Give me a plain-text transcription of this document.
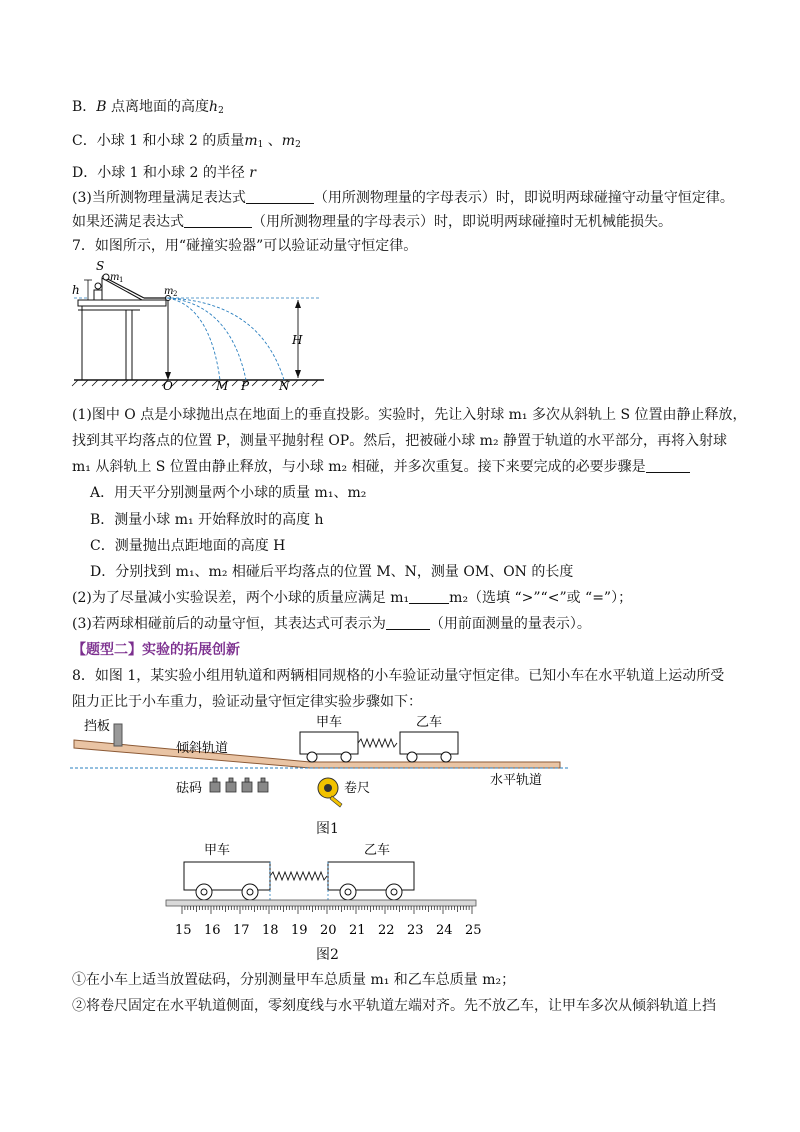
B．B 点离地面的高度$h_2$
C．小球 1 和小球 2 的质量$m_1$ 、$m_2$
D．小球 1 和小球 2 的半径 r
(3)当所测物理量满足表达式	（用所测物理量的字母表示）时，即说明两球碰撞守动量守恒定律。
如果还满足表达式	（用所测物理量的字母表示）时，即说明两球碰撞时无机械能损失。
7．如图所示，用“碰撞实验器”可以验证动量守恒定律。
S
m 1
h	m 2
H
O	M P N
(1)图中 O 点是小球抛出点在地面上的垂直投影。实验时，先让入射球 m₁ 多次从斜轨上 S 位置由静止释放，
找到其平均落点的位置 P，测量平抛射程 OP。然后，把被碰小球 m₂ 静置于轨道的水平部分，再将入射球
m₁ 从斜轨上 S 位置由静止释放，与小球 m₂ 相碰，并多次重复。接下来要完成的必要步骤是
A．用天平分别测量两个小球的质量 m₁、m₂
B．测量小球 m₁ 开始释放时的高度 h
C．测量抛出点距地面的高度 H
D．分别找到 m₁、m₂ 相碰后平均落点的位置 M、N，测量 OM、ON 的长度
(2)为了尽量减小实验误差，两个小球的质量应满足 m₁	m₂（选填 “>”“<”或 “=”）；
(3)若两球相碰前后的动量守恒，其表达式可表示为	（用前面测量的量表示）。
【题型二】实验的拓展创新
8．如图 1，某实验小组用轨道和两辆相同规格的小车验证动量守恒定律。已知小车在水平轨道上运动所受
阻力正比于小车重力，验证动量守恒定律实验步骤如下：
挡板
倾斜轨道
甲车	乙车
水平轨道
砝码	卷尺
图1
甲车	乙车
15 16 17 18 19 20 21 22 23 24 25
图2
①在小车上适当放置砝码，分别测量甲车总质量 m₁ 和乙车总质量 m₂；
②将卷尺固定在水平轨道侧面，零刻度线与水平轨道左端对齐。先不放乙车，让甲车多次从倾斜轨道上挡
